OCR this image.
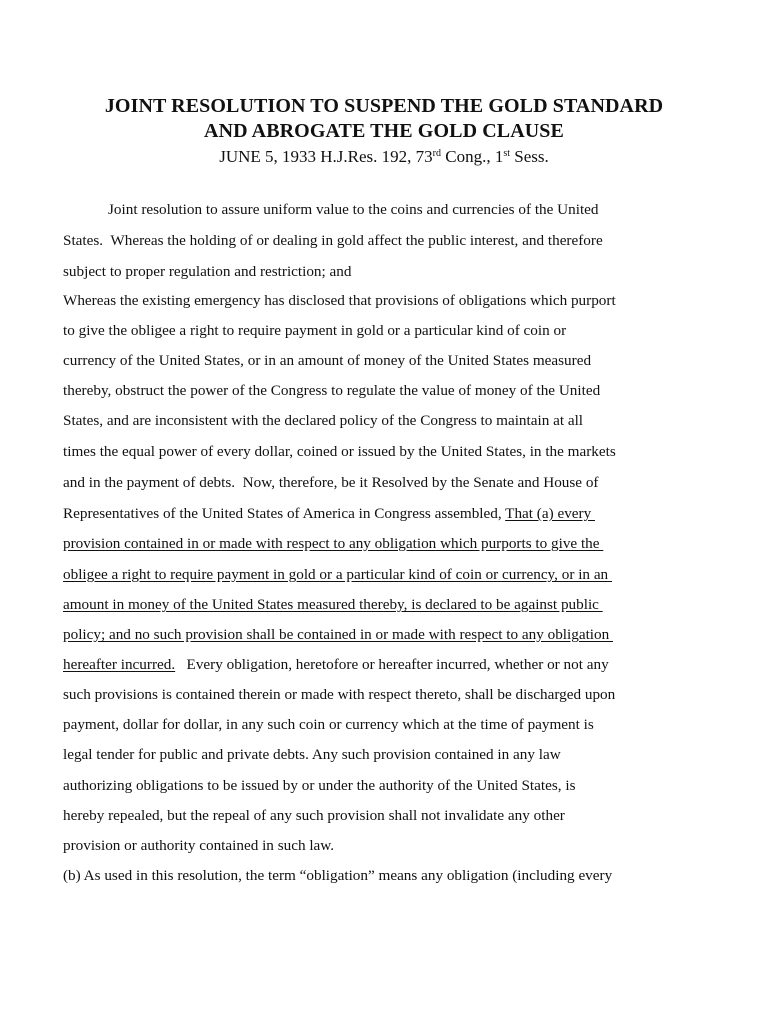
JOINT RESOLUTION TO SUSPEND THE GOLD STANDARD
AND ABROGATE THE GOLD CLAUSE
JUNE 5, 1933 H.J.Res. 192, 73rd Cong., 1st Sess.
Joint resolution to assure uniform value to the coins and currencies of the United
States.  Whereas the holding of or dealing in gold affect the public interest, and therefore
subject to proper regulation and restriction; and
Whereas the existing emergency has disclosed that provisions of obligations which purport
to give the obligee a right to require payment in gold or a particular kind of coin or
currency of the United States, or in an amount of money of the United States measured
thereby, obstruct the power of the Congress to regulate the value of money of the United
States, and are inconsistent with the declared policy of the Congress to maintain at all
times the equal power of every dollar, coined or issued by the United States, in the markets
and in the payment of debts.  Now, therefore, be it Resolved by the Senate and House of
Representatives of the United States of America in Congress assembled, That (a) every
provision contained in or made with respect to any obligation which purports to give the
obligee a right to require payment in gold or a particular kind of coin or currency, or in an
amount in money of the United States measured thereby, is declared to be against public
policy; and no such provision shall be contained in or made with respect to any obligation
hereafter incurred.   Every obligation, heretofore or hereafter incurred, whether or not any
such provisions is contained therein or made with respect thereto, shall be discharged upon
payment, dollar for dollar, in any such coin or currency which at the time of payment is
legal tender for public and private debts. Any such provision contained in any law
authorizing obligations to be issued by or under the authority of the United States, is
hereby repealed, but the repeal of any such provision shall not invalidate any other
provision or authority contained in such law.
(b) As used in this resolution, the term “obligation” means any obligation (including every
